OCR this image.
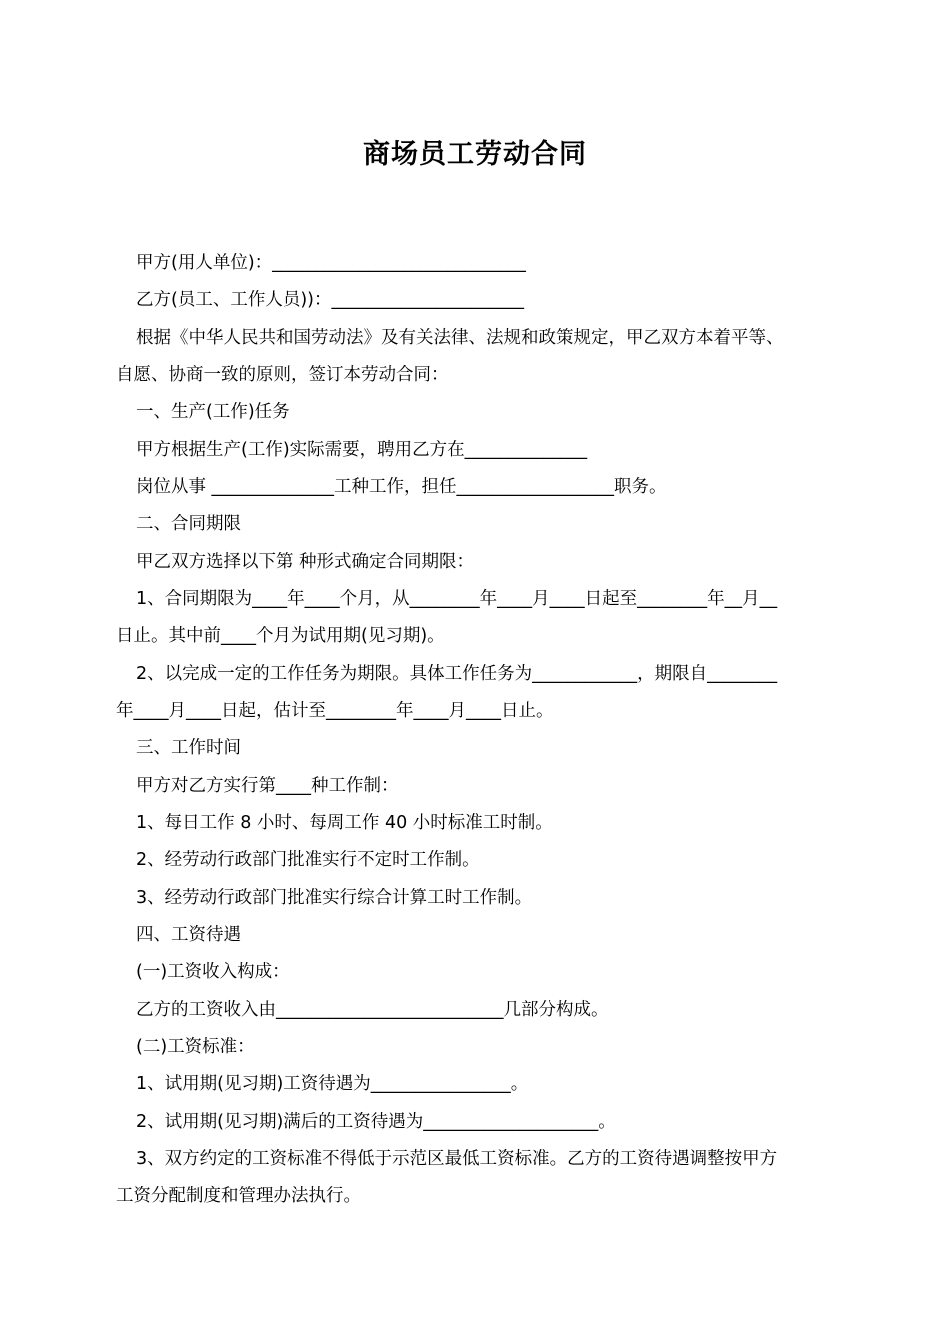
商场员工劳动合同
甲方(用人单位)：_____________________________
乙方(员工、工作人员))：______________________
根据《中华人民共和国劳动法》及有关法律、法规和政策规定，甲乙双方本着平等、
自愿、协商一致的原则，签订本劳动合同：
一、生产(工作)任务
甲方根据生产(工作)实际需要，聘用乙方在______________
岗位从事 ______________工种工作，担任__________________职务。
二、合同期限
甲乙双方选择以下第 种形式确定合同期限：
1、合同期限为____年____个月，从________年____月____日起至________年__月__
日止。其中前____个月为试用期(见习期)。
2、以完成一定的工作任务为期限。具体工作任务为____________，期限自________
年____月____日起，估计至________年____月____日止。
三、工作时间
甲方对乙方实行第____种工作制：
1、每日工作 8 小时、每周工作 40 小时标准工时制。
2、经劳动行政部门批准实行不定时工作制。
3、经劳动行政部门批准实行综合计算工时工作制。
四、工资待遇
(一)工资收入构成：
乙方的工资收入由__________________________几部分构成。
(二)工资标准：
1、试用期(见习期)工资待遇为________________。
2、试用期(见习期)满后的工资待遇为____________________。
3、双方约定的工资标准不得低于示范区最低工资标准。乙方的工资待遇调整按甲方
工资分配制度和管理办法执行。
